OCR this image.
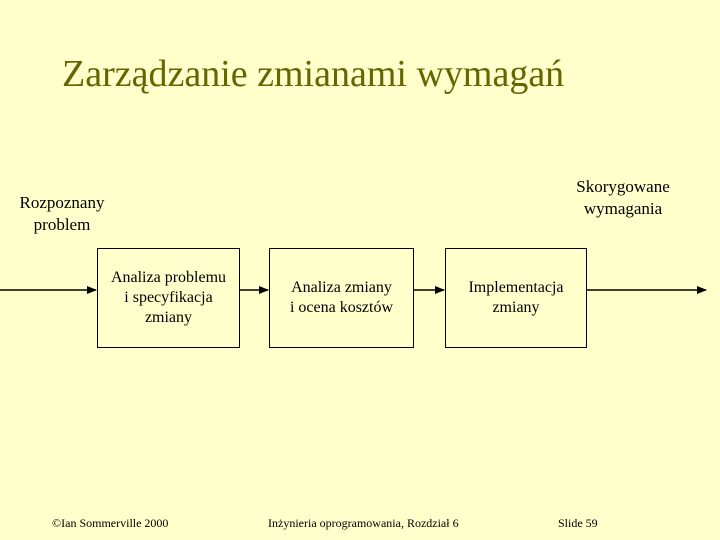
Zarządzanie zmianami wymagań
Rozpoznany
problem
Skorygowane
wymagania
Analiza problemu
i specyfikacja
zmiany
Analiza zmiany
i ocena kosztów
Implementacja
zmiany
©Ian Sommerville 2000	Inżynieria oprogramowania, Rozdział 6	Slide 59
